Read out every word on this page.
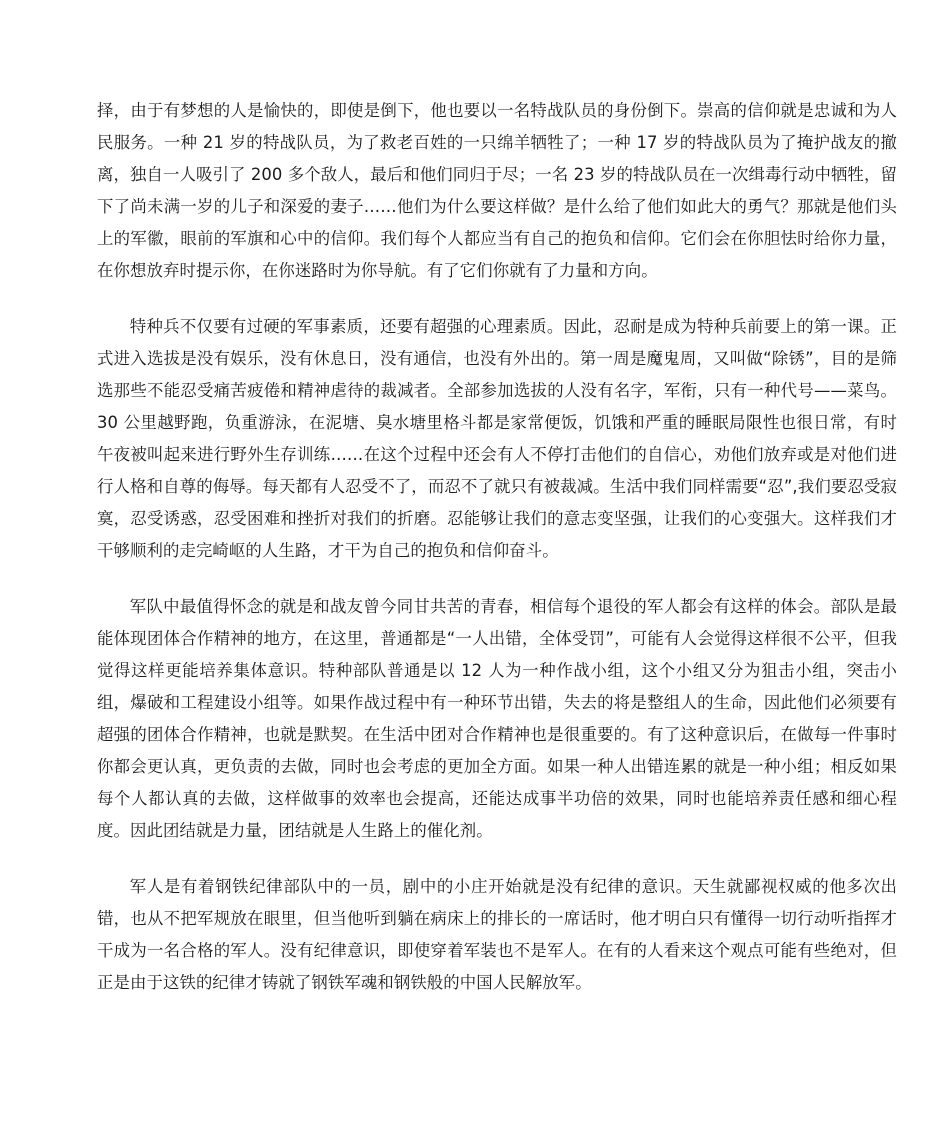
择，由于有梦想的人是愉快的，即使是倒下，他也要以一名特战队员的身份倒下。崇高的信仰就是忠诚和为人民服务。一种 21 岁的特战队员，为了救老百姓的一只绵羊牺牲了；一种 17 岁的特战队员为了掩护战友的撤离，独自一人吸引了 200 多个敌人，最后和他们同归于尽；一名 23 岁的特战队员在一次缉毒行动中牺牲，留下了尚未满一岁的儿子和深爱的妻子……他们为什么要这样做？是什么给了他们如此大的勇气？那就是他们头上的军徽，眼前的军旗和心中的信仰。我们每个人都应当有自己的抱负和信仰。它们会在你胆怯时给你力量，在你想放弃时提示你，在你迷路时为你导航。有了它们你就有了力量和方向。

特种兵不仅要有过硬的军事素质，还要有超强的心理素质。因此，忍耐是成为特种兵前要上的第一课。正式进入选拔是没有娱乐，没有休息日，没有通信，也没有外出的。第一周是魔鬼周，又叫做“除锈”，目的是筛选那些不能忍受痛苦疲倦和精神虐待的裁减者。全部参加选拔的人没有名字，军衔，只有一种代号——菜鸟。30 公里越野跑，负重游泳，在泥塘、臭水塘里格斗都是家常便饭，饥饿和严重的睡眠局限性也很日常，有时午夜被叫起来进行野外生存训练……在这个过程中还会有人不停打击他们的自信心，劝他们放弃或是对他们进行人格和自尊的侮辱。每天都有人忍受不了，而忍不了就只有被裁减。生活中我们同样需要“忍”,我们要忍受寂寞，忍受诱惑，忍受困难和挫折对我们的折磨。忍能够让我们的意志变坚强，让我们的心变强大。这样我们才干够顺利的走完崎岖的人生路，才干为自己的抱负和信仰奋斗。

军队中最值得怀念的就是和战友曾今同甘共苦的青春，相信每个退役的军人都会有这样的体会。部队是最能体现团体合作精神的地方，在这里，普通都是“一人出错，全体受罚”，可能有人会觉得这样很不公平，但我觉得这样更能培养集体意识。特种部队普通是以 12 人为一种作战小组，这个小组又分为狙击小组，突击小组，爆破和工程建设小组等。如果作战过程中有一种环节出错，失去的将是整组人的生命，因此他们必须要有超强的团体合作精神，也就是默契。在生活中团对合作精神也是很重要的。有了这种意识后，在做每一件事时你都会更认真，更负责的去做，同时也会考虑的更加全方面。如果一种人出错连累的就是一种小组；相反如果每个人都认真的去做，这样做事的效率也会提高，还能达成事半功倍的效果，同时也能培养责任感和细心程度。因此团结就是力量，团结就是人生路上的催化剂。

军人是有着钢铁纪律部队中的一员，剧中的小庄开始就是没有纪律的意识。天生就鄙视权威的他多次出错，也从不把军规放在眼里，但当他听到躺在病床上的排长的一席话时，他才明白只有懂得一切行动听指挥才干成为一名合格的军人。没有纪律意识，即使穿着军装也不是军人。在有的人看来这个观点可能有些绝对，但正是由于这铁的纪律才铸就了钢铁军魂和钢铁般的中国人民解放军。
